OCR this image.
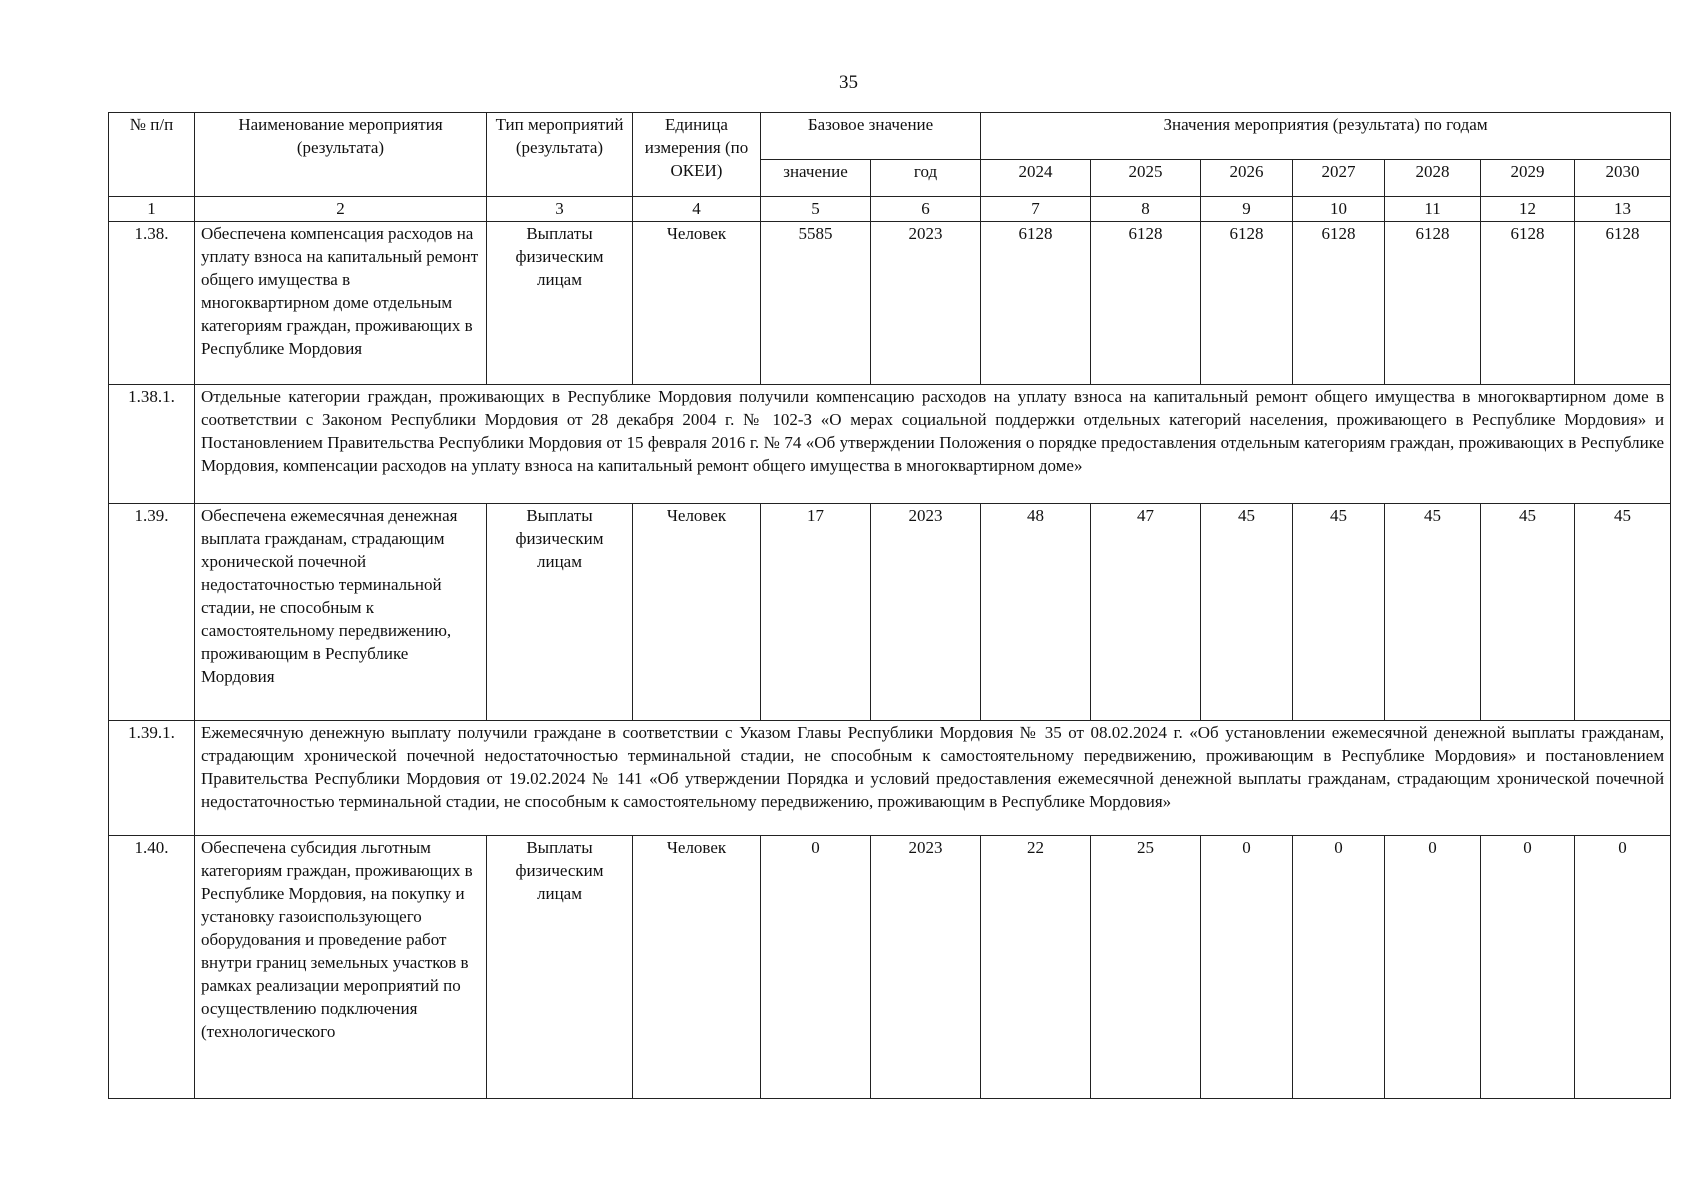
35
№ п/п	Наименование мероприятия (результата)	Тип мероприятий (результата)	Единица измерения (по ОКЕИ)	Базовое значение		Значения мероприятия (результата) по годам						
				значение	год	2024	2025	2026	2027	2028	2029	2030
1	2	3	4	5	6	7	8	9	10	11	12	13
1.38.	Обеспечена компенсация расходов на уплату взноса на капитальный ремонт общего имущества в многоквартирном доме отдельным категориям граждан, проживающих в Республике Мордовия	Выплаты физическим лицам	Человек	5585	2023	6128	6128	6128	6128	6128	6128	6128
1.38.1.	Отдельные категории граждан, проживающих в Республике Мордовия получили компенсацию расходов на уплату взноса на капитальный ремонт общего имущества в многоквартирном доме в соответствии с Законом Республики Мордовия от 28 декабря 2004 г. № 102-З «О мерах социальной поддержки отдельных категорий населения, проживающего в Республике Мордовия» и Постановлением Правительства Республики Мордовия от 15 февраля 2016 г. № 74 «Об утверждении Положения о порядке предоставления отдельным категориям граждан, проживающих в Республике Мордовия, компенсации расходов на уплату взноса на капитальный ремонт общего имущества в многоквартирном доме»											
1.39.	Обеспечена ежемесячная денежная выплата гражданам, страдающим хронической почечной недостаточностью терминальной стадии, не способным к самостоятельному передвижению, проживающим в Республике Мордовия	Выплаты физическим лицам	Человек	17	2023	48	47	45	45	45	45	45
1.39.1.	Ежемесячную денежную выплату получили граждане в соответствии с Указом Главы Республики Мордовия № 35 от 08.02.2024 г. «Об установлении ежемесячной денежной выплаты гражданам, страдающим хронической почечной недостаточностью терминальной стадии, не способным к самостоятельному передвижению, проживающим в Республике Мордовия» и постановлением Правительства Республики Мордовия от 19.02.2024 № 141 «Об утверждении Порядка и условий предоставления ежемесячной денежной выплаты гражданам, страдающим хронической почечной недостаточностью терминальной стадии, не способным к самостоятельному передвижению, проживающим в Республике Мордовия»											
1.40.	Обеспечена субсидия льготным категориям граждан, проживающих в Республике Мордовия, на покупку и установку газоиспользующего оборудования и проведение работ внутри границ земельных участков в рамках реализации мероприятий по осуществлению подключения (технологического	Выплаты физическим лицам	Человек	0	2023	22	25	0	0	0	0	0
